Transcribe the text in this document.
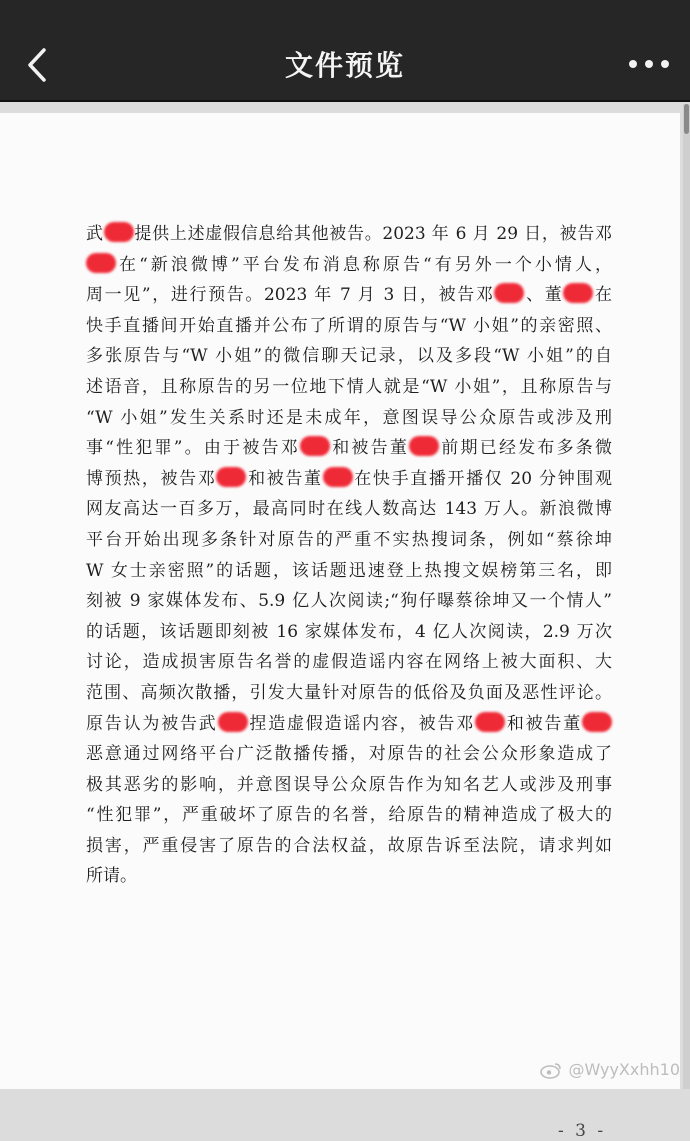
文件预览
武 提供上述虚假信息给其他被告。2023 年 6 月 29 日，被告邓
在“新浪微博”平台发布消息称原告“有另外一个小情人，
周一见”，进行预告。2023 年 7 月 3 日，被告邓 、董 在
快手直播间开始直播并公布了所谓的原告与“W 小姐”的亲密照、
多张原告与“W 小姐”的微信聊天记录，以及多段“W 小姐”的自
述语音，且称原告的另一位地下情人就是“W 小姐”，且称原告与
“W 小姐”发生关系时还是未成年，意图误导公众原告或涉及刑
事“性犯罪”。由于被告邓 和被告董 前期已经发布多条微
博预热，被告邓 和被告董 在快手直播开播仅 20 分钟围观
网友高达一百多万，最高同时在线人数高达 143 万人。新浪微博
平台开始出现多条针对原告的严重不实热搜词条，例如“蔡徐坤
W 女士亲密照”的话题，该话题迅速登上热搜文娱榜第三名，即
刻被 9 家媒体发布、5.9 亿人次阅读;“狗仔曝蔡徐坤又一个情人”
的话题，该话题即刻被 16 家媒体发布，4 亿人次阅读，2.9 万次
讨论，造成损害原告名誉的虚假造谣内容在网络上被大面积、大
范围、高频次散播，引发大量针对原告的低俗及负面及恶性评论。
原告认为被告武 捏造虚假造谣内容，被告邓 和被告董
恶意通过网络平台广泛散播传播，对原告的社会公众形象造成了
极其恶劣的影响，并意图误导公众原告作为知名艺人或涉及刑事
“性犯罪”，严重破坏了原告的名誉，给原告的精神造成了极大的
损害，严重侵害了原告的合法权益，故原告诉至法院，请求判如
所请。
- 3 -
@WyyXxhh10
